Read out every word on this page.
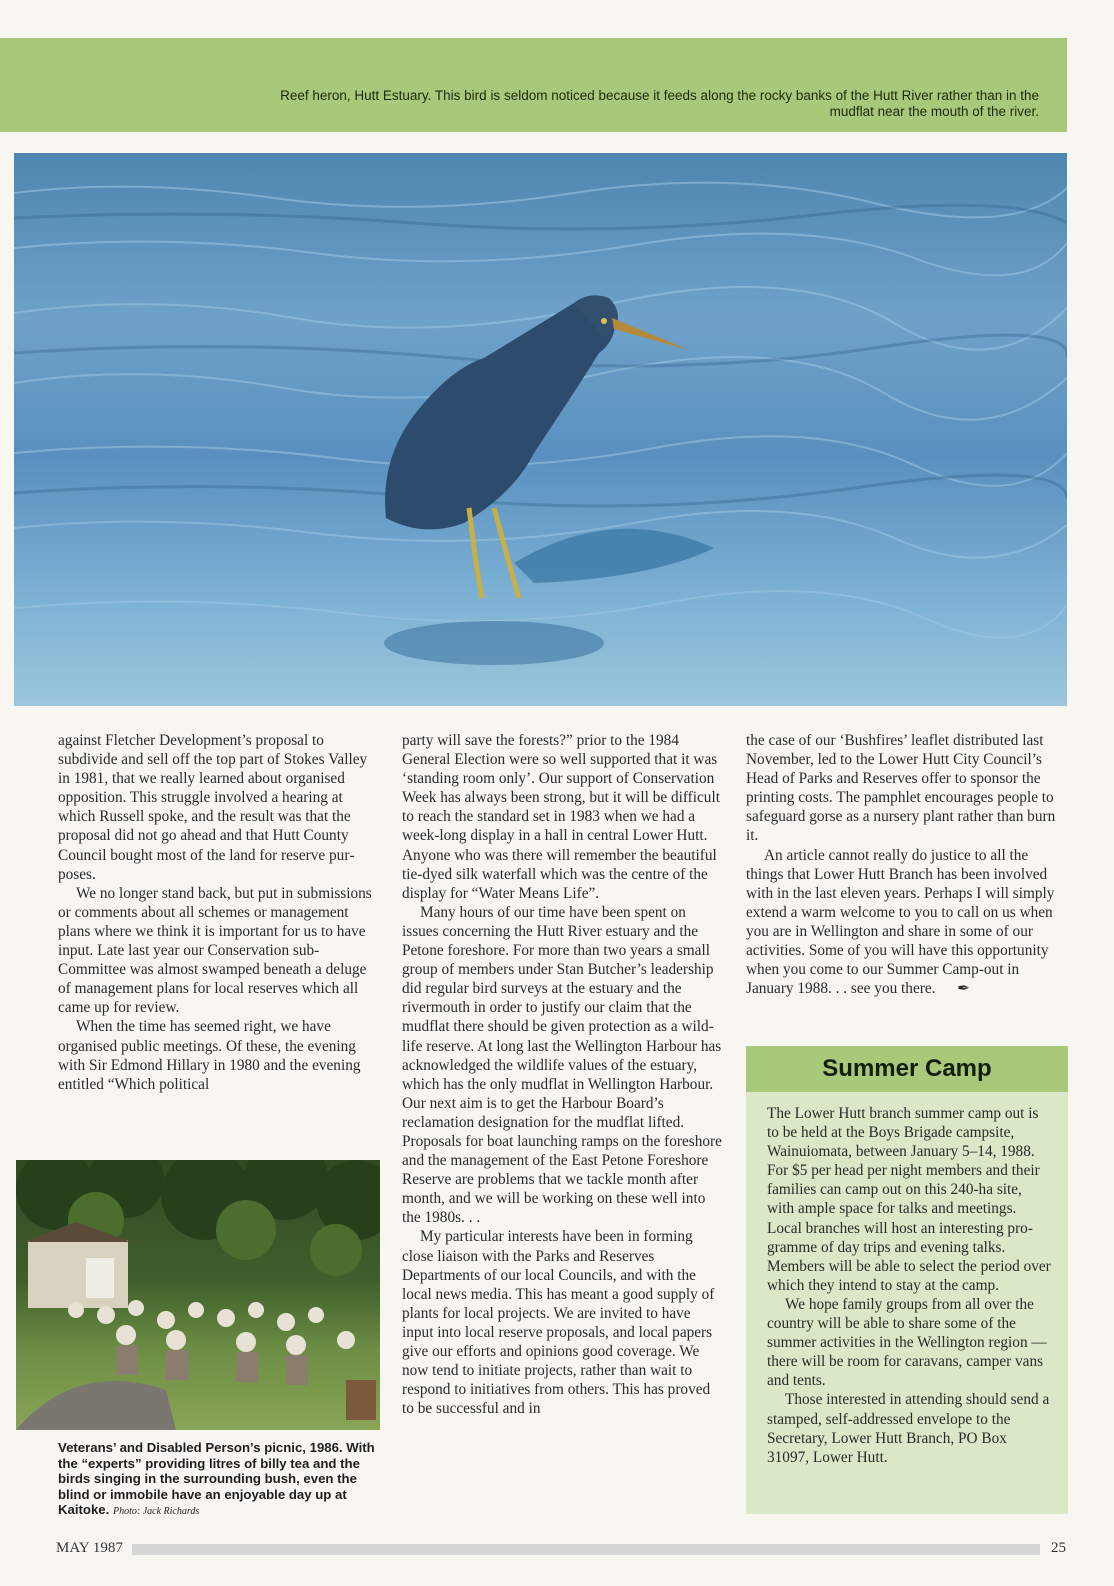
Reef heron, Hutt Estuary. This bird is seldom noticed because it feeds along the rocky banks of the Hutt River rather than in the mudflat near the mouth of the river.

against Fletcher Development’s proposal to subdivide and sell off the top part of Stokes Valley in 1981, that we really learned about organised opposition. This struggle involved a hearing at which Russell spoke, and the result was that the proposal did not go ahead and that Hutt County Council bought most of the land for reserve purposes.

We no longer stand back, but put in submissions or comments about all schemes or management plans where we think it is important for us to have input. Late last year our Conservation sub-Committee was almost swamped beneath a deluge of management plans for local reserves which all came up for review.

When the time has seemed right, we have organised public meetings. Of these, the evening with Sir Edmond Hillary in 1980 and the evening entitled “Which political

party will save the forests?” prior to the 1984 General Election were so well supported that it was ‘standing room only’. Our support of Conservation Week has always been strong, but it will be difficult to reach the standard set in 1983 when we had a week-long display in a hall in central Lower Hutt. Anyone who was there will remember the beautiful tie-dyed silk waterfall which was the centre of the display for “Water Means Life”.

Many hours of our time have been spent on issues concerning the Hutt River estuary and the Petone foreshore. For more than two years a small group of members under Stan Butcher’s leadership did regular bird surveys at the estuary and the rivermouth in order to justify our claim that the mudflat there should be given protection as a wildlife reserve. At long last the Wellington Harbour has acknowledged the wildlife values of the estuary, which has the only mudflat in Wellington Harbour. Our next aim is to get the Harbour Board’s reclamation designation for the mudflat lifted. Proposals for boat launching ramps on the foreshore and the management of the East Petone Foreshore Reserve are problems that we tackle month after month, and we will be working on these well into the 1980s. . .

My particular interests have been in forming close liaison with the Parks and Reserves Departments of our local Councils, and with the local news media. This has meant a good supply of plants for local projects. We are invited to have input into local reserve proposals, and local papers give our efforts and opinions good coverage. We now tend to initiate projects, rather than wait to respond to initiatives from others. This has proved to be successful and in

the case of our ‘Bushfires’ leaflet distributed last November, led to the Lower Hutt City Council’s Head of Parks and Reserves offer to sponsor the printing costs. The pamphlet encourages people to safeguard gorse as a nursery plant rather than burn it.

An article cannot really do justice to all the things that Lower Hutt Branch has been involved with in the last eleven years. Perhaps I will simply extend a warm welcome to you to call on us when you are in Wellington and share in some of our activities. Some of you will have this opportunity when you come to our Summer Camp-out in January 1988. . . see you there. ✒

Veterans’ and Disabled Person’s picnic, 1986. With the “experts” providing litres of billy tea and the birds singing in the surrounding bush, even the blind or immobile have an enjoyable day up at Kaitoke. Photo: Jack Richards
Summer Camp

The Lower Hutt branch summer camp out is to be held at the Boys Brigade campsite, Wainuiomata, between January 5–14, 1988. For $5 per head per night members and their families can camp out on this 240-ha site, with ample space for talks and meetings. Local branches will host an interesting programme of day trips and evening talks. Members will be able to select the period over which they intend to stay at the camp.

We hope family groups from all over the country will be able to share some of the summer activities in the Wellington region — there will be room for caravans, camper vans and tents.

Those interested in attending should send a stamped, self-addressed envelope to the Secretary, Lower Hutt Branch, PO Box 31097, Lower Hutt.

MAY 1987	25
